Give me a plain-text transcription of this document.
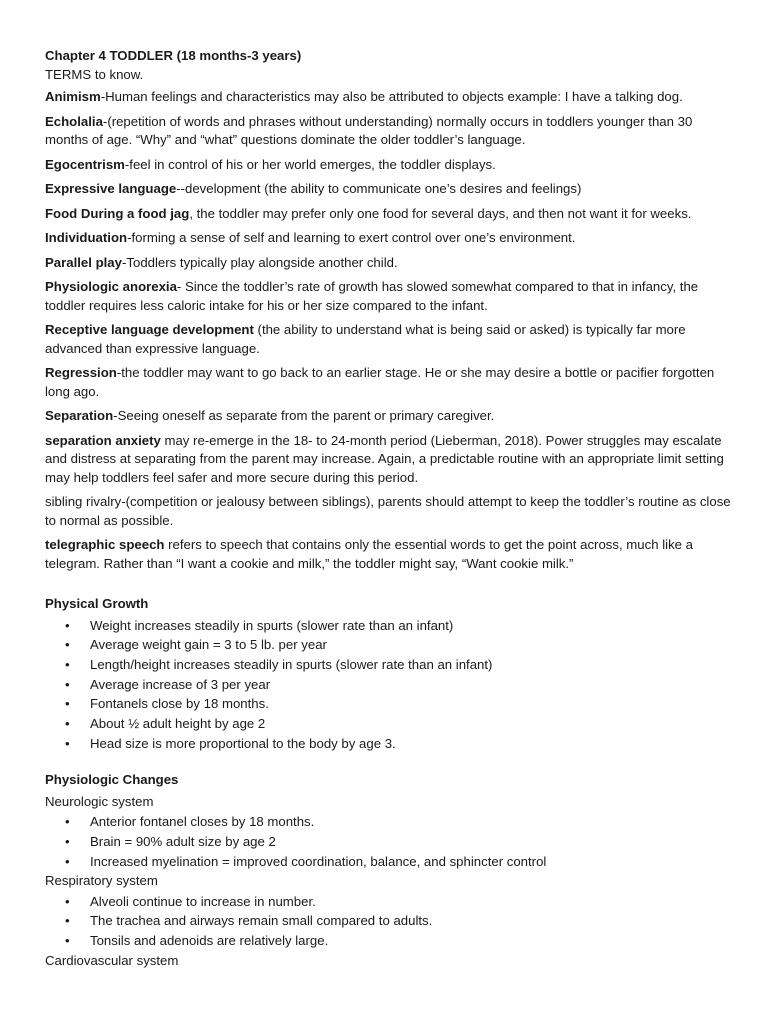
Chapter 4 TODDLER (18 months-3 years)

TERMS to know.

Animism-Human feelings and characteristics may also be attributed to objects example: I have a talking dog.

Echolalia-(repetition of words and phrases without understanding) normally occurs in toddlers younger than 30 months of age. “Why” and “what” questions dominate the older toddler’s language.

Egocentrism-feel in control of his or her world emerges, the toddler displays.

Expressive language--development (the ability to communicate one’s desires and feelings)

Food During a food jag, the toddler may prefer only one food for several days, and then not want it for weeks.

Individuation-forming a sense of self and learning to exert control over one’s environment.

Parallel play-Toddlers typically play alongside another child.

Physiologic anorexia- Since the toddler’s rate of growth has slowed somewhat compared to that in infancy, the toddler requires less caloric intake for his or her size compared to the infant.

Receptive language development (the ability to understand what is being said or asked) is typically far more advanced than expressive language.

Regression-the toddler may want to go back to an earlier stage. He or she may desire a bottle or pacifier forgotten long ago.

Separation-Seeing oneself as separate from the parent or primary caregiver.

separation anxiety may re-emerge in the 18- to 24-month period (Lieberman, 2018). Power struggles may escalate and distress at separating from the parent may increase. Again, a predictable routine with an appropriate limit setting may help toddlers feel safer and more secure during this period.

sibling rivalry-(competition or jealousy between siblings), parents should attempt to keep the toddler’s routine as close to normal as possible.

telegraphic speech refers to speech that contains only the essential words to get the point across, much like a telegram. Rather than “I want a cookie and milk,” the toddler might say, “Want cookie milk.”

Physical Growth

• Weight increases steadily in spurts (slower rate than an infant)
• Average weight gain = 3 to 5 lb. per year
• Length/height increases steadily in spurts (slower rate than an infant)
• Average increase of 3 per year
• Fontanels close by 18 months.
• About ½ adult height by age 2
• Head size is more proportional to the body by age 3.

Physiologic Changes

Neurologic system

• Anterior fontanel closes by 18 months.
• Brain = 90% adult size by age 2
• Increased myelination = improved coordination, balance, and sphincter control

Respiratory system

• Alveoli continue to increase in number.
• The trachea and airways remain small compared to adults.
• Tonsils and adenoids are relatively large.

Cardiovascular system
